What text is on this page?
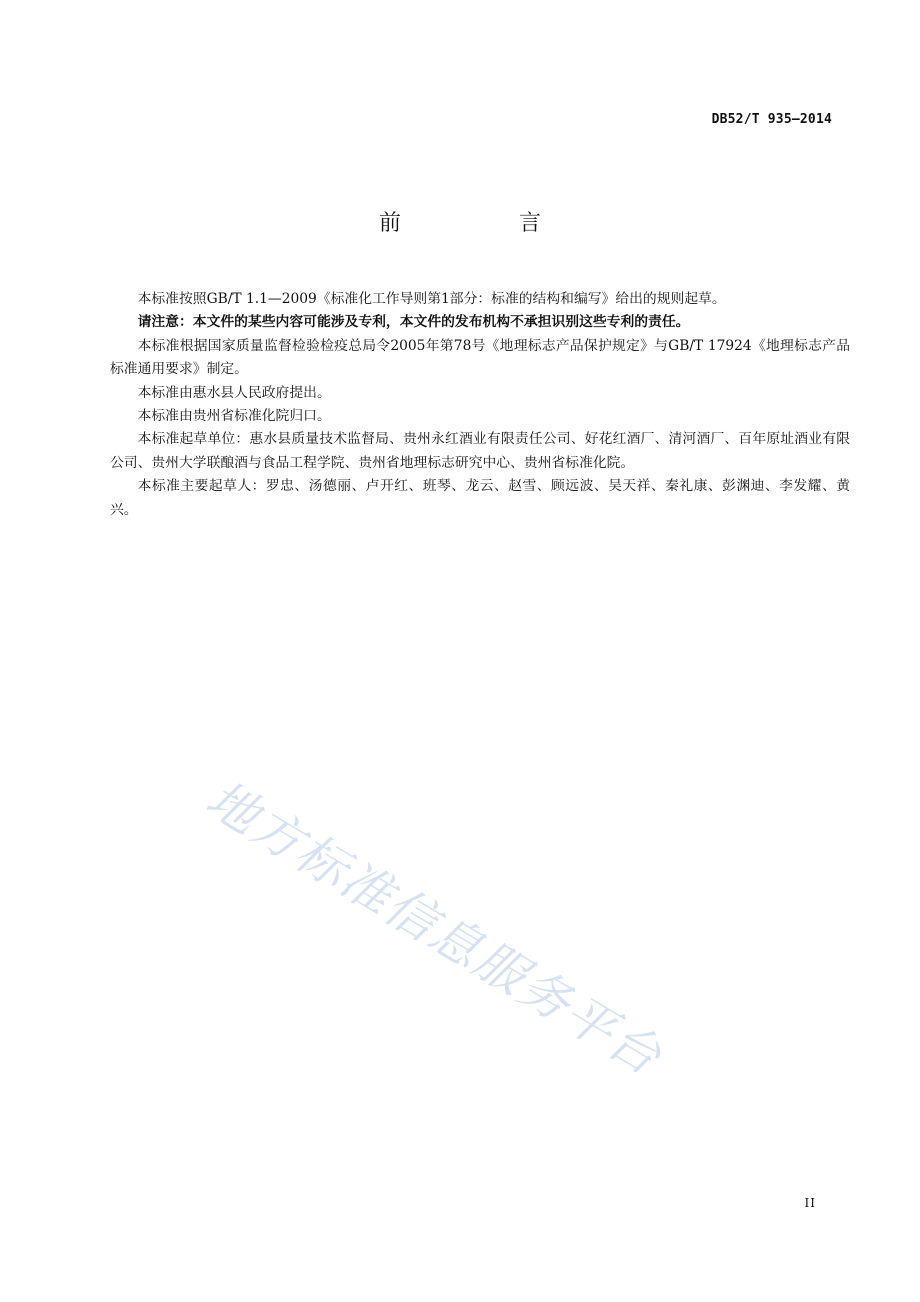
DB52/T 935—2014
前　言

本标准按照GB/T 1.1—2009《标准化工作导则第1部分：标准的结构和编写》给出的规则起草。

请注意：本文件的某些内容可能涉及专利，本文件的发布机构不承担识别这些专利的责任。

本标准根据国家质量监督检验检疫总局令2005年第78号《地理标志产品保护规定》与GB/T 17924《地理标志产品标准通用要求》制定。

本标准由惠水县人民政府提出。

本标准由贵州省标准化院归口。

本标准起草单位：惠水县质量技术监督局、贵州永红酒业有限责任公司、好花红酒厂、清河酒厂、百年原址酒业有限公司、贵州大学联酿酒与食品工程学院、贵州省地理标志研究中心、贵州省标准化院。

本标准主要起草人：罗忠、汤德丽、卢开红、班琴、龙云、赵雪、顾远波、吴天祥、秦礼康、彭渊迪、李发耀、黄兴。

地方标准信息服务平台
II
